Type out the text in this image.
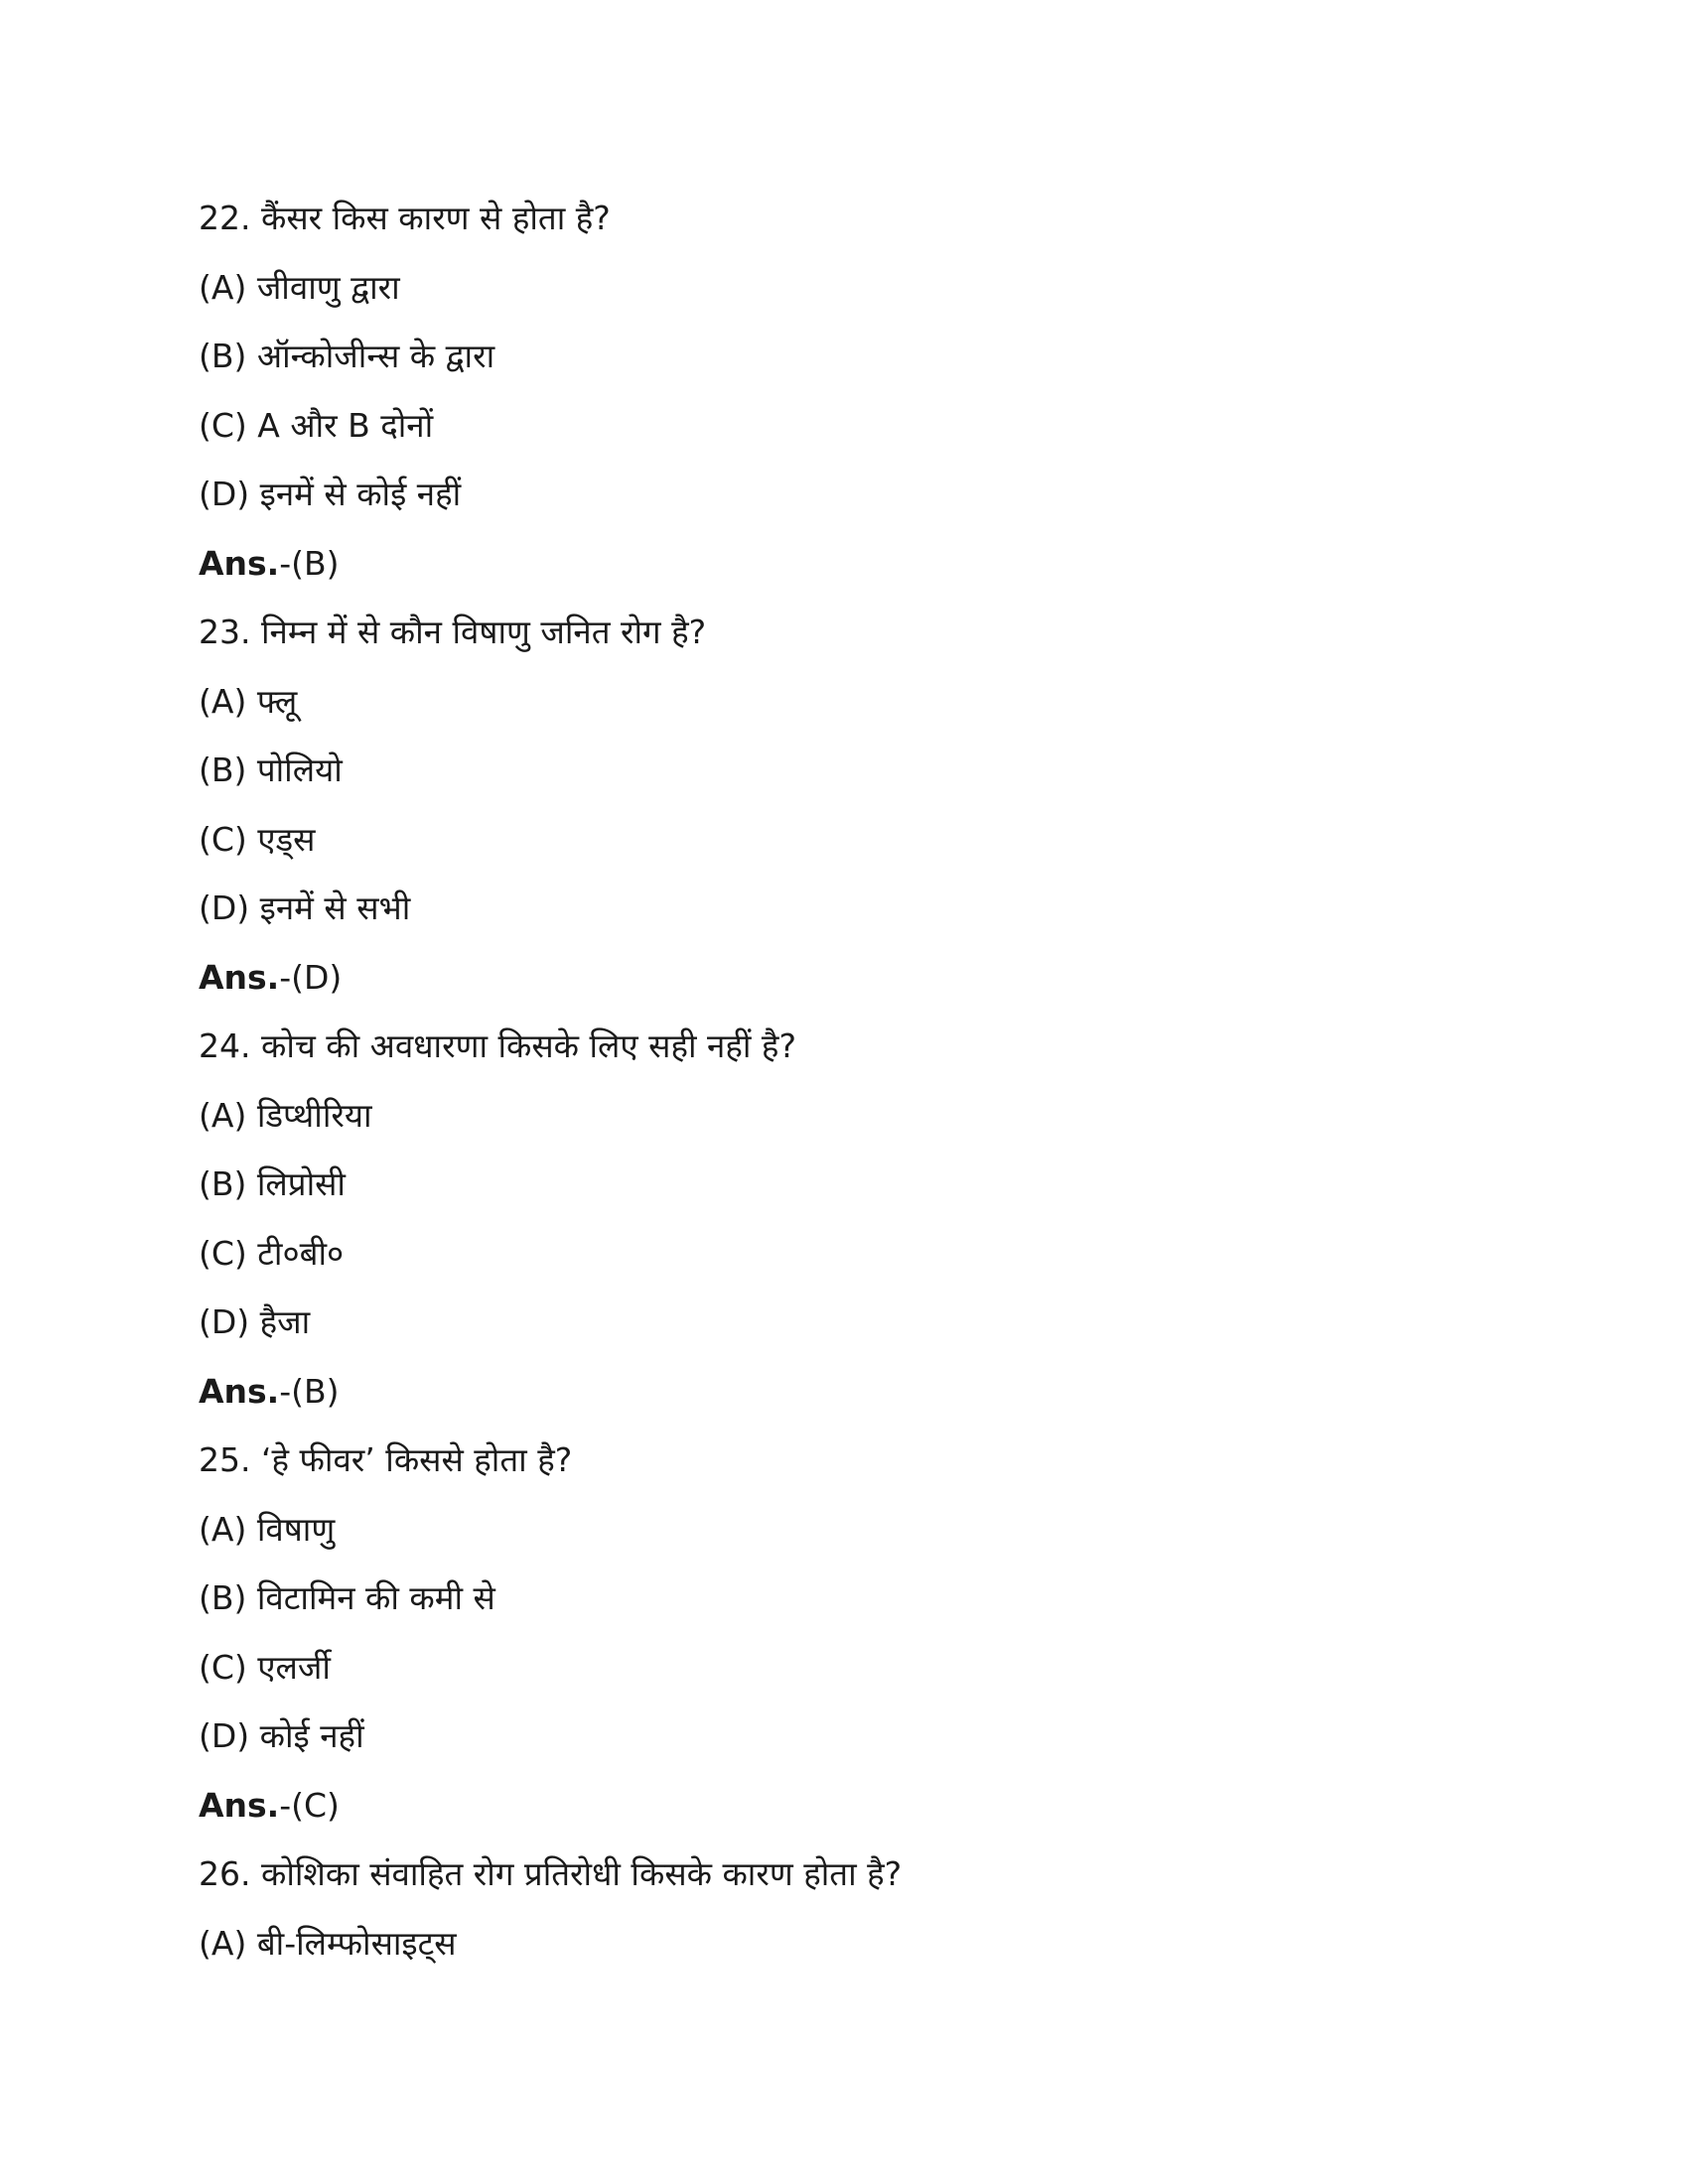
22. कैंसर किस कारण से होता है?
(A) जीवाणु द्वारा
(B) ऑन्कोजीन्स के द्वारा
(C) A और B दोनों
(D) इनमें से कोई नहीं
Ans.-(B)
23. निम्न में से कौन विषाणु जनित रोग है?
(A) फ्लू
(B) पोलियो
(C) एड्स
(D) इनमें से सभी
Ans.-(D)
24. कोच की अवधारणा किसके लिए सही नहीं है?
(A) डिप्थीरिया
(B) लिप्रोसी
(C) टी०बी०
(D) हैजा
Ans.-(B)
25. ‘हे फीवर’ किससे होता है?
(A) विषाणु
(B) विटामिन की कमी से
(C) एलर्जी
(D) कोई नहीं
Ans.-(C)
26. कोशिका संवाहित रोग प्रतिरोधी किसके कारण होता है?
(A) बी-लिम्फोसाइट्स
